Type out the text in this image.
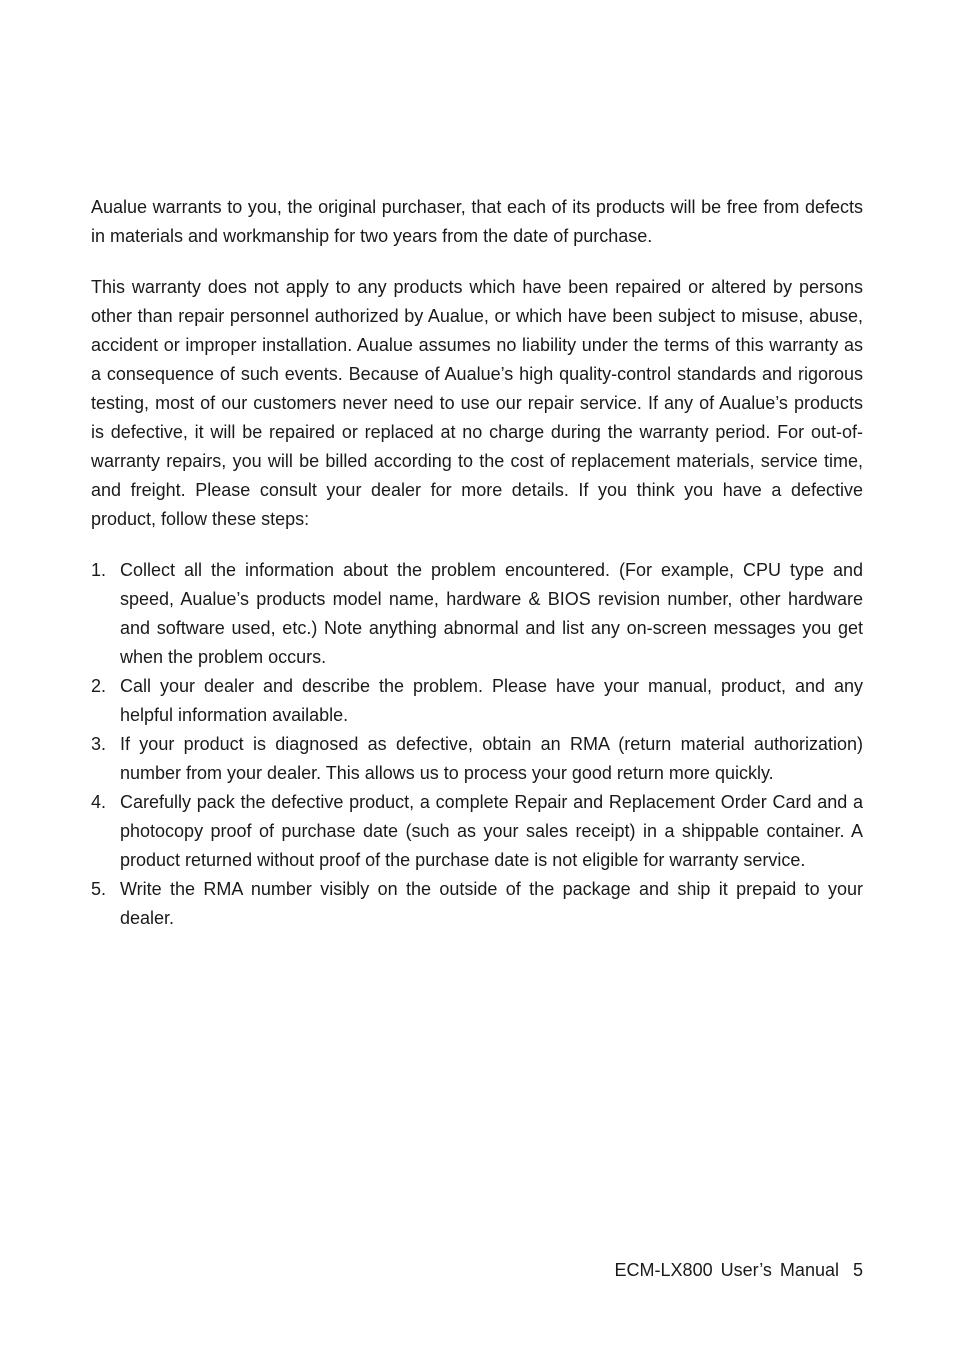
Aualue warrants to you, the original purchaser, that each of its products will be free from defects in materials and workmanship for two years from the date of purchase.

This warranty does not apply to any products which have been repaired or altered by persons other than repair personnel authorized by Aualue, or which have been subject to misuse, abuse, accident or improper installation. Aualue assumes no liability under the terms of this warranty as a consequence of such events. Because of Aualue’s high quality-control standards and rigorous testing, most of our customers never need to use our repair service. If any of Aualue’s products is defective, it will be repaired or replaced at no charge during the warranty period. For out-of-warranty repairs, you will be billed according to the cost of replacement materials, service time, and freight. Please consult your dealer for more details. If you think you have a defective product, follow these steps:

1. Collect all the information about the problem encountered. (For example, CPU type and speed, Aualue’s products model name, hardware & BIOS revision number, other hardware and software used, etc.) Note anything abnormal and list any on-screen messages you get when the problem occurs.
2. Call your dealer and describe the problem. Please have your manual, product, and any helpful information available.
3. If your product is diagnosed as defective, obtain an RMA (return material authorization) number from your dealer. This allows us to process your good return more quickly.
4. Carefully pack the defective product, a complete Repair and Replacement Order Card and a photocopy proof of purchase date (such as your sales receipt) in a shippable container. A product returned without proof of the purchase date is not eligible for warranty service.
5. Write the RMA number visibly on the outside of the package and ship it prepaid to your dealer.
ECM-LX800 User’s Manual 5
